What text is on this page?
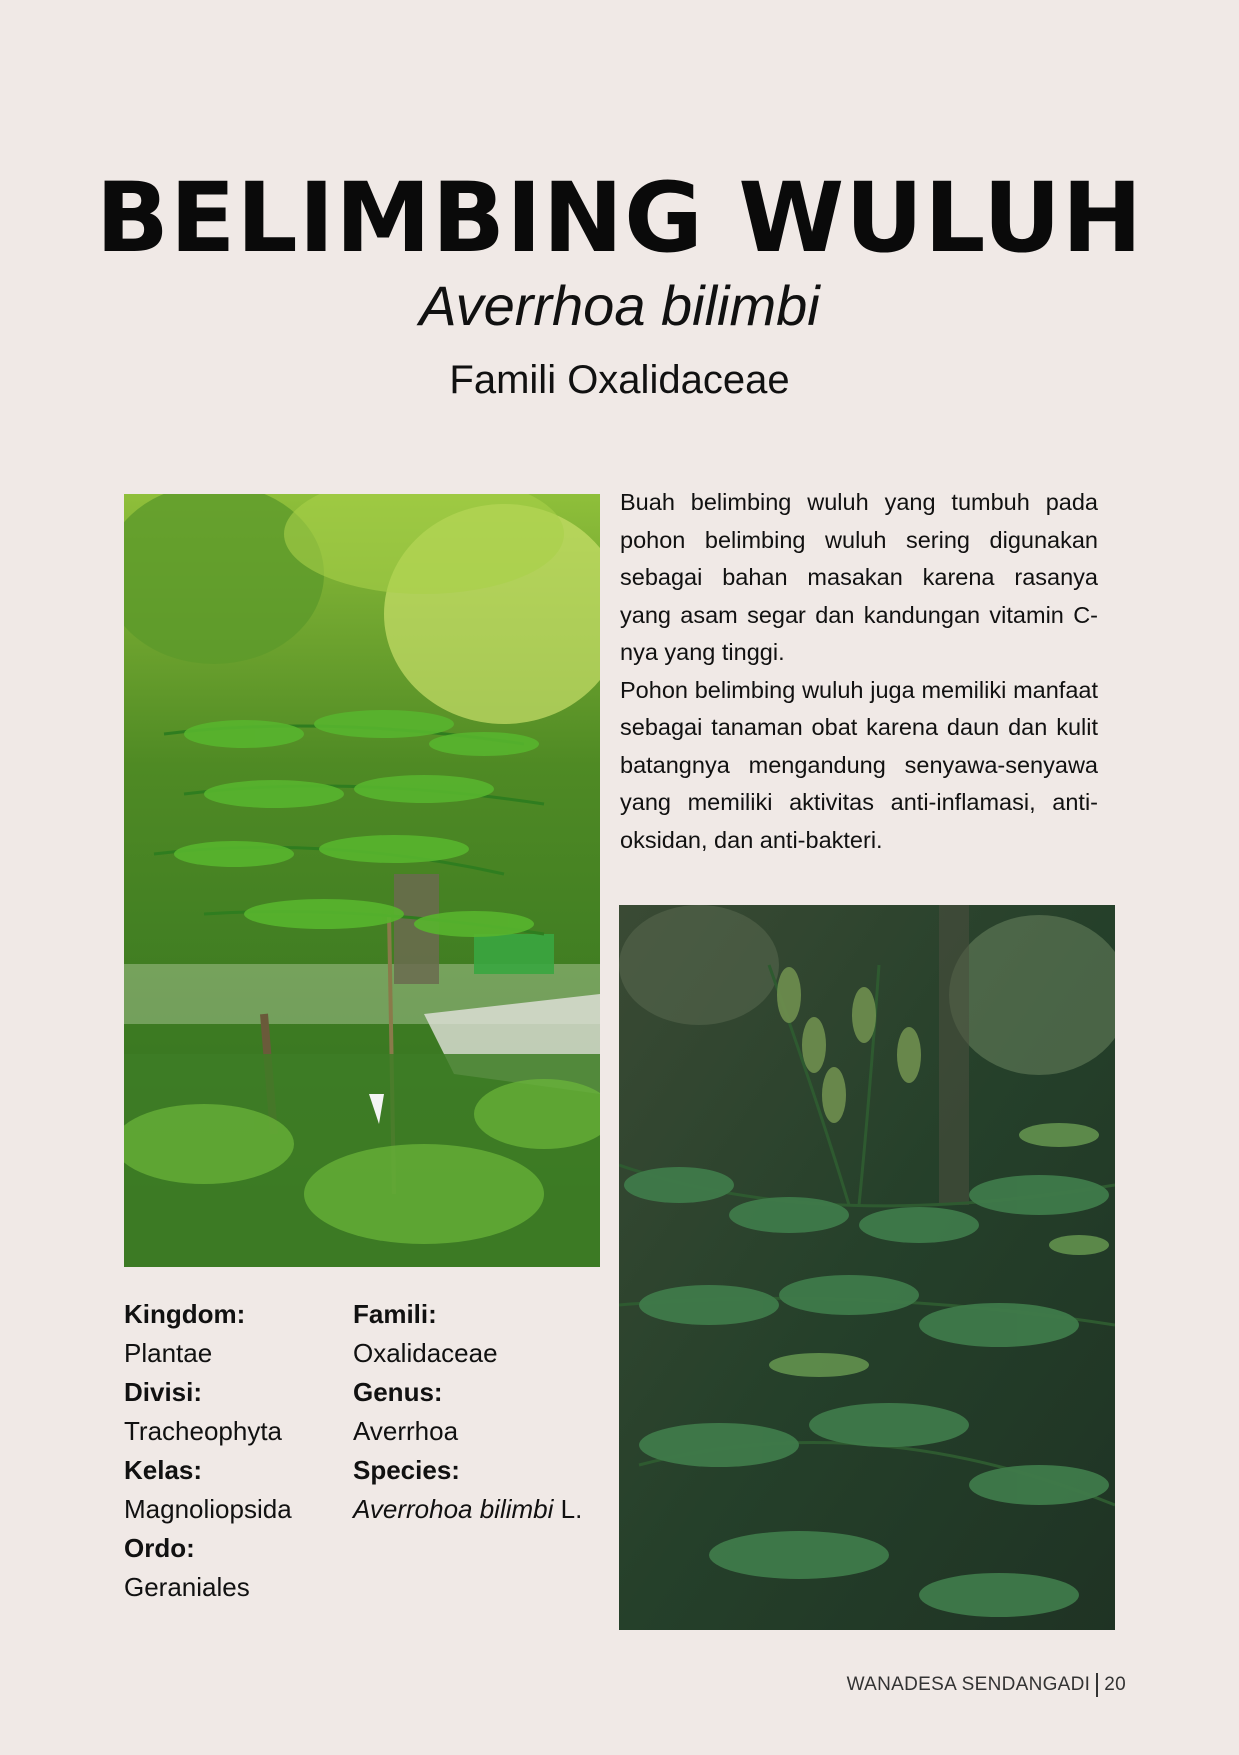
BELIMBING WULUH
Averrhoa bilimbi
Famili Oxalidaceae

Buah belimbing wuluh yang tumbuh pada pohon belimbing wuluh sering digunakan sebagai bahan masakan karena rasanya yang asam segar dan kandungan vitamin C-nya yang tinggi.

Pohon belimbing wuluh juga memiliki manfaat sebagai tanaman obat karena daun dan kulit batangnya mengandung senyawa-senyawa yang memiliki aktivitas anti-inflamasi, anti-oksidan, dan anti-bakteri.

Kingdom:
Plantae
Divisi:
Tracheophyta
Kelas:
Magnoliopsida
Ordo:
Geraniales
Famili:
Oxalidaceae
Genus:
Averrhoa
Species:
Averrohoa bilimbi L.
WANADESA SENDANGADI 20
